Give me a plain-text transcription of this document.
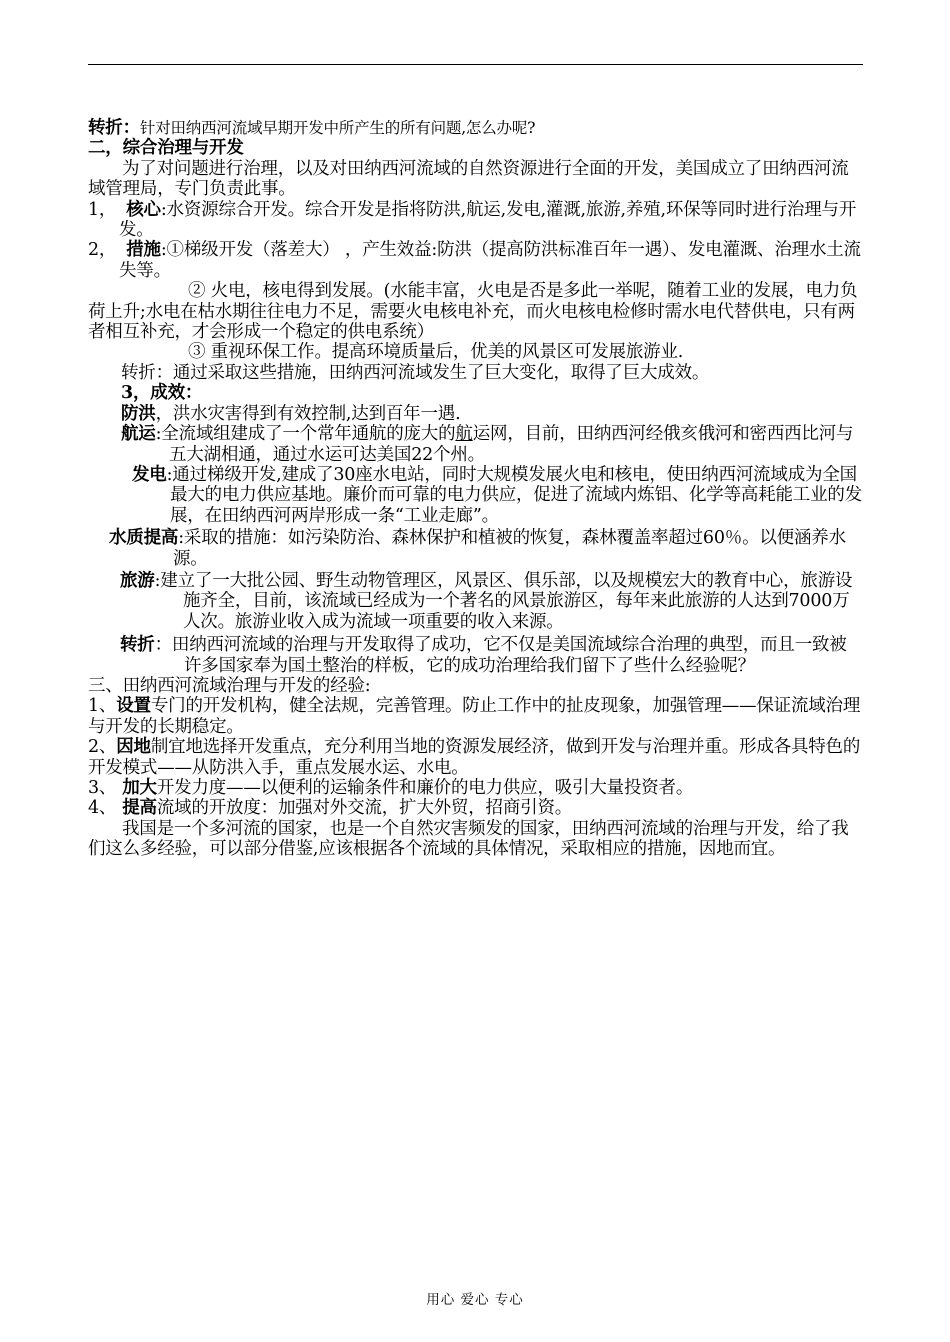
转折：针对田纳西河流域早期开发中所产生的所有问题,怎么办呢?

二，综合治理与开发

为了对问题进行治理，以及对田纳西河流域的自然资源进行全面的开发，美国成立了田纳西河流域管理局，专门负责此事。

1， 核心:水资源综合开发。综合开发是指将防洪,航运,发电,灌溉,旅游,养殖,环保等同时进行治理与开发。

2， 措施:①梯级开发（落差大） ，产生效益:防洪（提高防洪标准百年一遇）、发电灌溉、治理水土流失等。

② 火电，核电得到发展。(水能丰富，火电是否是多此一举呢，随着工业的发展，电力负荷上升;水电在枯水期往往电力不足，需要火电核电补充，而火电核电检修时需水电代替供电，只有两者相互补充，才会形成一个稳定的供电系统）

③ 重视环保工作。提高环境质量后，优美的风景区可发展旅游业.

转折：通过采取这些措施，田纳西河流域发生了巨大变化，取得了巨大成效。

3，成效：

防洪，洪水灾害得到有效控制,达到百年一遇.

航运:全流域组建成了一个常年通航的庞大的航运网，目前，田纳西河经俄亥俄河和密西西比河与五大湖相通，通过水运可达美国22个州。

发电:通过梯级开发,建成了30座水电站，同时大规模发展火电和核电，使田纳西河流域成为全国最大的电力供应基地。廉价而可靠的电力供应，促进了流域内炼铝、化学等高耗能工业的发展，在田纳西河两岸形成一条“工业走廊”。

水质提高:采取的措施：如污染防治、森林保护和植被的恢复，森林覆盖率超过60％。以便涵养水源。

旅游:建立了一大批公园、野生动物管理区，风景区、俱乐部，以及规模宏大的教育中心，旅游设施齐全，目前，该流域已经成为一个著名的风景旅游区，每年来此旅游的人达到7000万人次。旅游业收入成为流域一项重要的收入来源。

转折：田纳西河流域的治理与开发取得了成功，它不仅是美国流域综合治理的典型，而且一致被许多国家奉为国土整治的样板，它的成功治理给我们留下了些什么经验呢？

三、田纳西河流域治理与开发的经验:

1、设置专门的开发机构，健全法规，完善管理。防止工作中的扯皮现象，加强管理——保证流域治理与开发的长期稳定。

2、因地制宜地选择开发重点，充分利用当地的资源发展经济，做到开发与治理并重。形成各具特色的开发模式——从防洪入手，重点发展水运、水电。

3、 加大开发力度——以便利的运输条件和廉价的电力供应，吸引大量投资者。

4、 提高流域的开放度：加强对外交流，扩大外贸，招商引资。

我国是一个多河流的国家，也是一个自然灾害频发的国家，田纳西河流域的治理与开发，给了我们这么多经验，可以部分借鉴,应该根据各个流域的具体情况，采取相应的措施，因地而宜。

用心 爱心 专心
